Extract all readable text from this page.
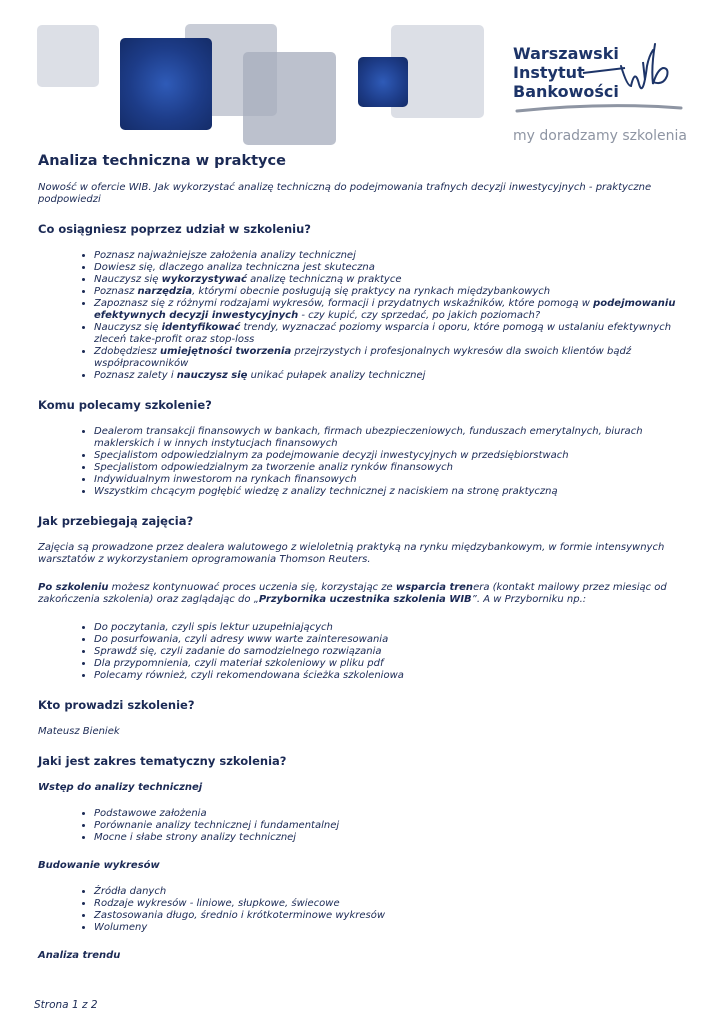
Warszawski
Instytut
Bankowości
my doradzamy szkolenia
Analiza techniczna w praktyce

Nowość w ofercie WIB. Jak wykorzystać analizę techniczną do podejmowania trafnych decyzji inwestycyjnych - praktyczne podpowiedzi

Co osiągniesz poprzez udział w szkoleniu?
• Poznasz najważniejsze założenia analizy technicznej
• Dowiesz się, dlaczego analiza techniczna jest skuteczna
• Nauczysz się wykorzystywać analizę techniczną w praktyce
• Poznasz narzędzia, którymi obecnie posługują się praktycy na rynkach międzybankowych
• Zapoznasz się z różnymi rodzajami wykresów, formacji i przydatnych wskaźników, które pomogą w podejmowaniu efektywnych decyzji inwestycyjnych - czy kupić, czy sprzedać, po jakich poziomach?
• Nauczysz się identyfikować trendy, wyznaczać poziomy wsparcia i oporu, które pomogą w ustalaniu efektywnych zleceń take-profit oraz stop-loss
• Zdobędziesz umiejętności tworzenia przejrzystych i profesjonalnych wykresów dla swoich klientów bądź współpracowników
• Poznasz zalety i nauczysz się unikać pułapek analizy technicznej
Komu polecamy szkolenie?
• Dealerom transakcji finansowych w bankach, firmach ubezpieczeniowych, funduszach emerytalnych, biurach maklerskich i w innych instytucjach finansowych
• Specjalistom odpowiedzialnym za podejmowanie decyzji inwestycyjnych w przedsiębiorstwach
• Specjalistom odpowiedzialnym za tworzenie analiz rynków finansowych
• Indywidualnym inwestorom na rynkach finansowych
• Wszystkim chcącym pogłębić wiedzę z analizy technicznej z naciskiem na stronę praktyczną
Jak przebiegają zajęcia?

Zajęcia są prowadzone przez dealera walutowego z wieloletnią praktyką na rynku międzybankowym, w formie intensywnych warsztatów z wykorzystaniem oprogramowania Thomson Reuters.

Po szkoleniu możesz kontynuować proces uczenia się, korzystając ze wsparcia trenera (kontakt mailowy przez miesiąc od zakończenia szkolenia) oraz zaglądając do „Przybornika uczestnika szkolenia WIB”. A w Przyborniku np.:

• Do poczytania, czyli spis lektur uzupełniających
• Do posurfowania, czyli adresy www warte zainteresowania
• Sprawdź się, czyli zadanie do samodzielnego rozwiązania
• Dla przypomnienia, czyli materiał szkoleniowy w pliku pdf
• Polecamy również, czyli rekomendowana ścieżka szkoleniowa
Kto prowadzi szkolenie?

Mateusz Bieniek

Jaki jest zakres tematyczny szkolenia?
Wstęp do analizy technicznej
• Podstawowe założenia
• Porównanie analizy technicznej i fundamentalnej
• Mocne i słabe strony analizy technicznej
Budowanie wykresów
• Źródła danych
• Rodzaje wykresów - liniowe, słupkowe, świecowe
• Zastosowania długo, średnio i krótkoterminowe wykresów
• Wolumeny
Analiza trendu
Strona 1 z 2
